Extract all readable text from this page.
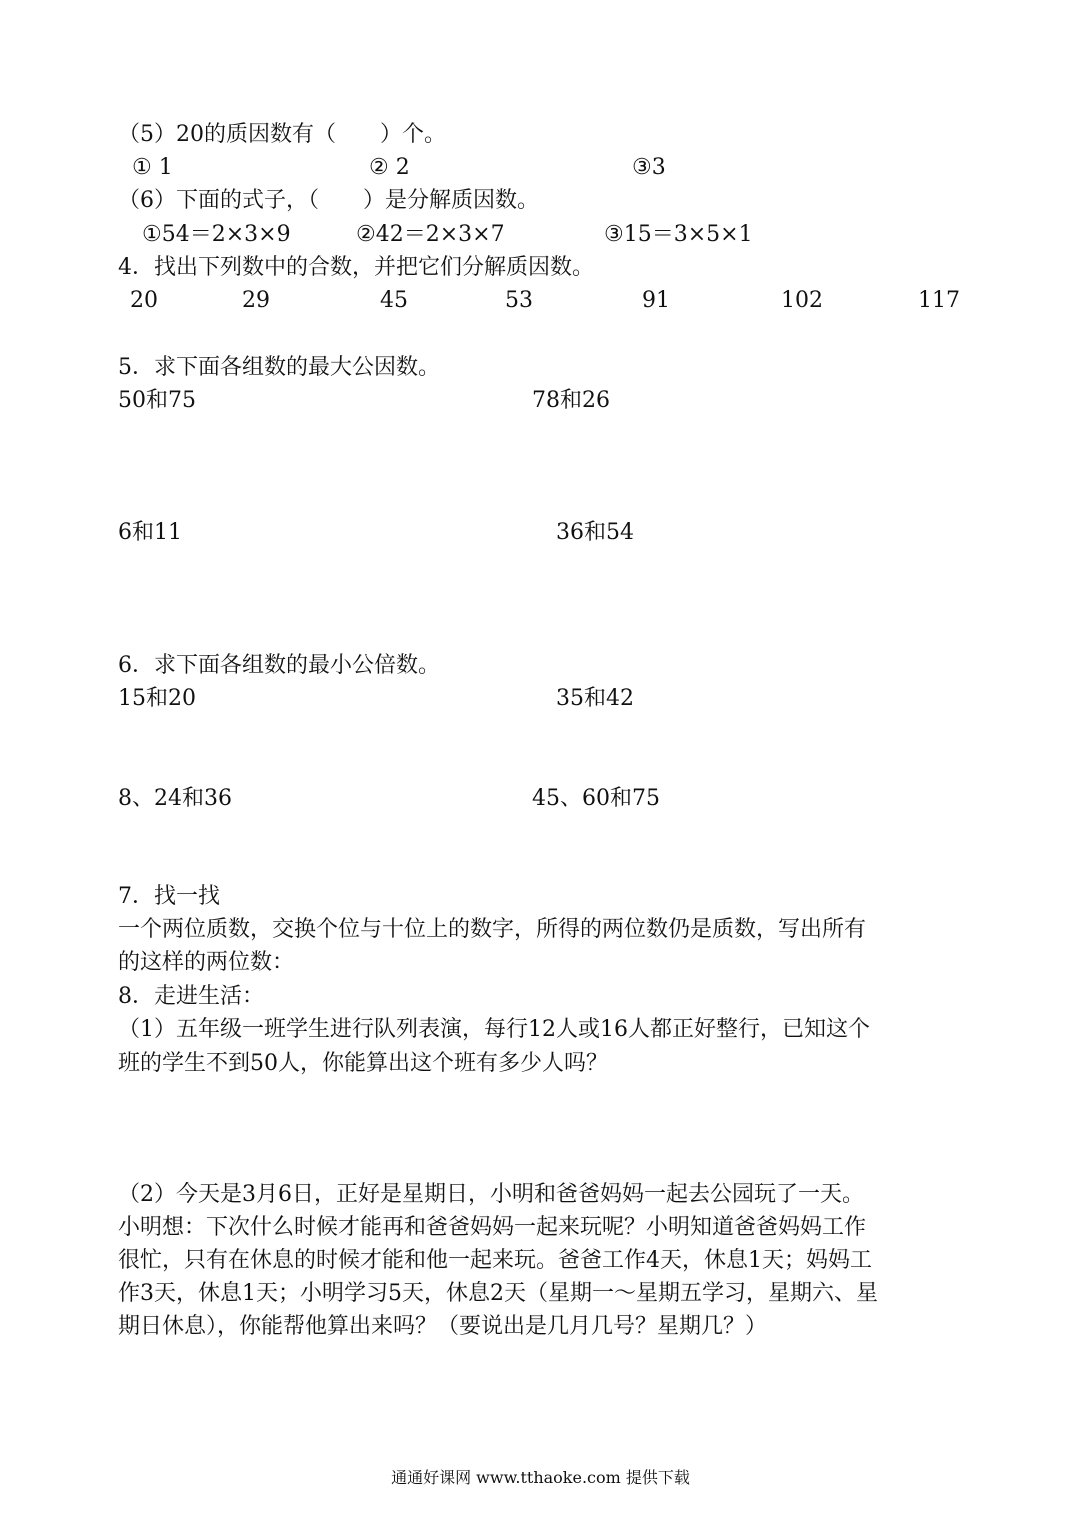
（5）20的质因数有（　　）个。
① 1	② 2	③3
（6）下面的式子，（　　）是分解质因数。
①54＝2×3×9	②42＝2×3×7	③15＝3×5×1
4．找出下列数中的合数，并把它们分解质因数。
20	29	45	53	91	102	117
5．求下面各组数的最大公因数。
50和75	78和26
6和11	36和54
6．求下面各组数的最小公倍数。
15和20	35和42
8、24和36	45、60和75
7．找一找
一个两位质数，交换个位与十位上的数字，所得的两位数仍是质数，写出所有
的这样的两位数：
8．走进生活：
（1）五年级一班学生进行队列表演，每行12人或16人都正好整行，已知这个
班的学生不到50人，你能算出这个班有多少人吗？
（2）今天是3月6日，正好是星期日，小明和爸爸妈妈一起去公园玩了一天。
小明想：下次什么时候才能再和爸爸妈妈一起来玩呢？小明知道爸爸妈妈工作
很忙，只有在休息的时候才能和他一起来玩。爸爸工作4天，休息1天；妈妈工
作3天，休息1天；小明学习5天，休息2天（星期一～星期五学习，星期六、星
期日休息），你能帮他算出来吗？（要说出是几月几号？星期几？）
通通好课网 www.tthaoke.com 提供下载
